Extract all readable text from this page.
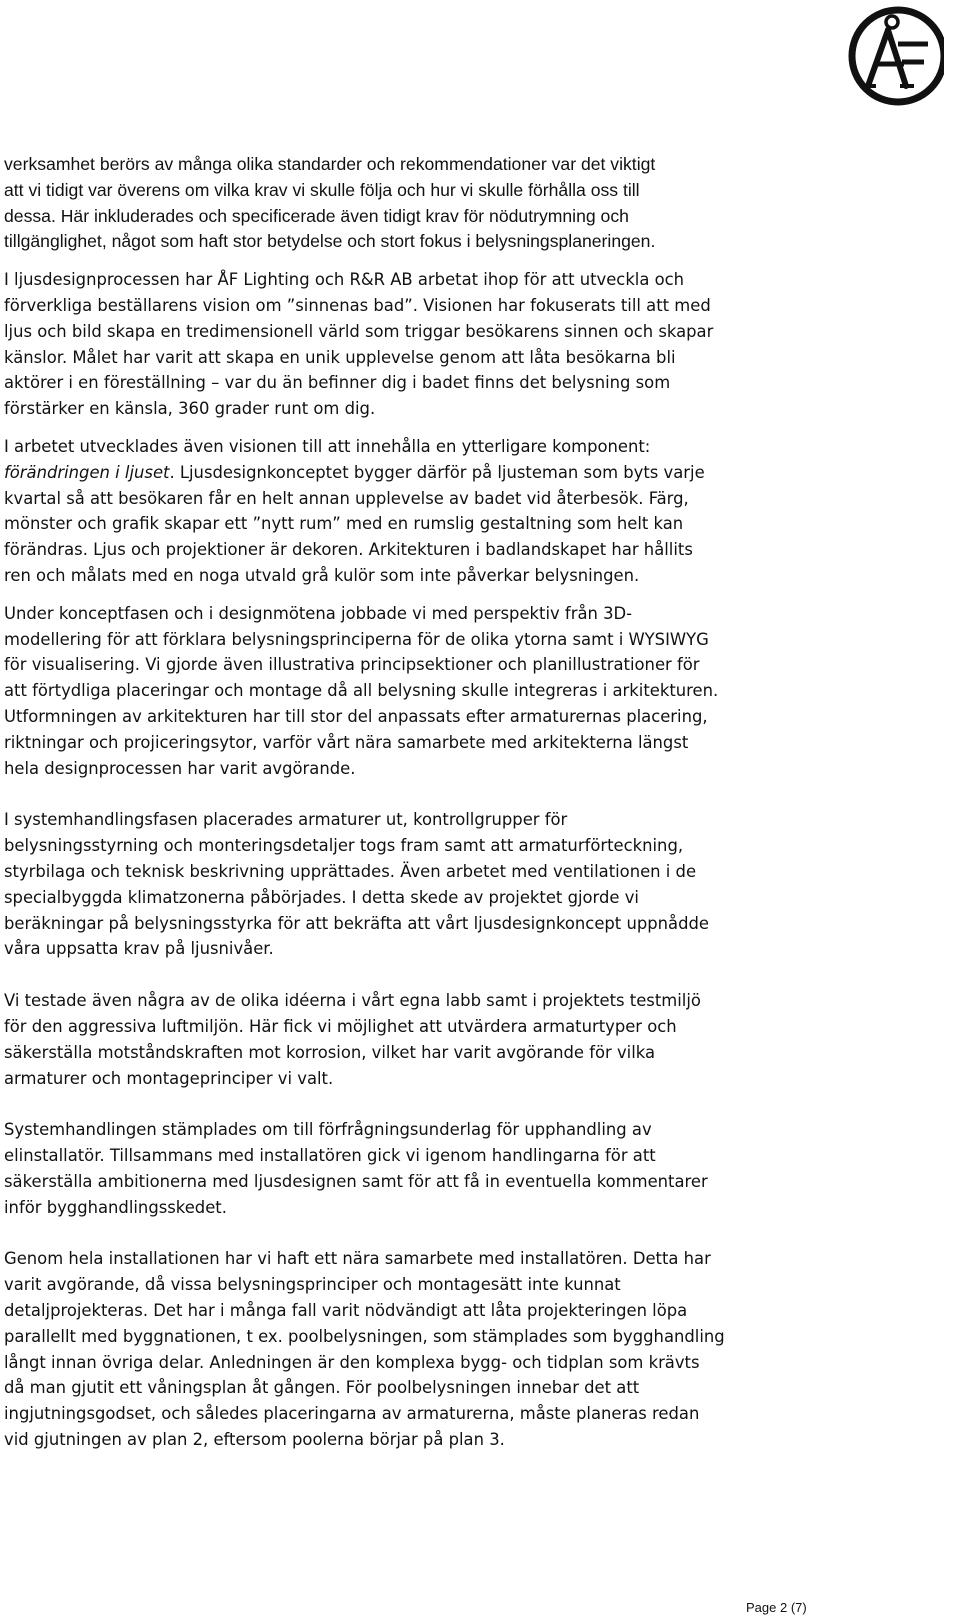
verksamhet berörs av många olika standarder och rekommendationer var det viktigt
att vi tidigt var överens om vilka krav vi skulle följa och hur vi skulle förhålla oss till
dessa. Här inkluderades och specificerade även tidigt krav för nödutrymning och
tillgänglighet, något som haft stor betydelse och stort fokus i belysningsplaneringen.

I ljusdesignprocessen har ÅF Lighting och R&R AB arbetat ihop för att utveckla och
förverkliga beställarens vision om ”sinnenas bad”. Visionen har fokuserats till att med
ljus och bild skapa en tredimensionell värld som triggar besökarens sinnen och skapar
känslor. Målet har varit att skapa en unik upplevelse genom att låta besökarna bli
aktörer i en föreställning – var du än befinner dig i badet finns det belysning som
förstärker en känsla, 360 grader runt om dig.

I arbetet utvecklades även visionen till att innehålla en ytterligare komponent:
förändringen i ljuset. Ljusdesignkonceptet bygger därför på ljusteman som byts varje
kvartal så att besökaren får en helt annan upplevelse av badet vid återbesök. Färg,
mönster och grafik skapar ett ”nytt rum” med en rumslig gestaltning som helt kan
förändras. Ljus och projektioner är dekoren. Arkitekturen i badlandskapet har hållits
ren och målats med en noga utvald grå kulör som inte påverkar belysningen.

Under konceptfasen och i designmötena jobbade vi med perspektiv från 3D-
modellering för att förklara belysningsprinciperna för de olika ytorna samt i WYSIWYG
för visualisering. Vi gjorde även illustrativa principsektioner och planillustrationer för
att förtydliga placeringar och montage då all belysning skulle integreras i arkitekturen.
Utformningen av arkitekturen har till stor del anpassats efter armaturernas placering,
riktningar och projiceringsytor, varför vårt nära samarbete med arkitekterna längst
hela designprocessen har varit avgörande.

I systemhandlingsfasen placerades armaturer ut, kontrollgrupper för
belysningsstyrning och monteringsdetaljer togs fram samt att armaturförteckning,
styrbilaga och teknisk beskrivning upprättades. Även arbetet med ventilationen i de
specialbyggda klimatzonerna påbörjades. I detta skede av projektet gjorde vi
beräkningar på belysningsstyrka för att bekräfta att vårt ljusdesignkoncept uppnådde
våra uppsatta krav på ljusnivåer.

Vi testade även några av de olika idéerna i vårt egna labb samt i projektets testmiljö
för den aggressiva luftmiljön. Här fick vi möjlighet att utvärdera armaturtyper och
säkerställa motståndskraften mot korrosion, vilket har varit avgörande för vilka
armaturer och montageprinciper vi valt.

Systemhandlingen stämplades om till förfrågningsunderlag för upphandling av
elinstallatör. Tillsammans med installatören gick vi igenom handlingarna för att
säkerställa ambitionerna med ljusdesignen samt för att få in eventuella kommentarer
inför bygghandlingsskedet.

Genom hela installationen har vi haft ett nära samarbete med installatören. Detta har
varit avgörande, då vissa belysningsprinciper och montagesätt inte kunnat
detaljprojekteras. Det har i många fall varit nödvändigt att låta projekteringen löpa
parallellt med byggnationen, t ex. poolbelysningen, som stämplades som bygghandling
långt innan övriga delar. Anledningen är den komplexa bygg- och tidplan som krävts
då man gjutit ett våningsplan åt gången. För poolbelysningen innebar det att
ingjutningsgodset, och således placeringarna av armaturerna, måste planeras redan
vid gjutningen av plan 2, eftersom poolerna börjar på plan 3.

Page 2 (7)
